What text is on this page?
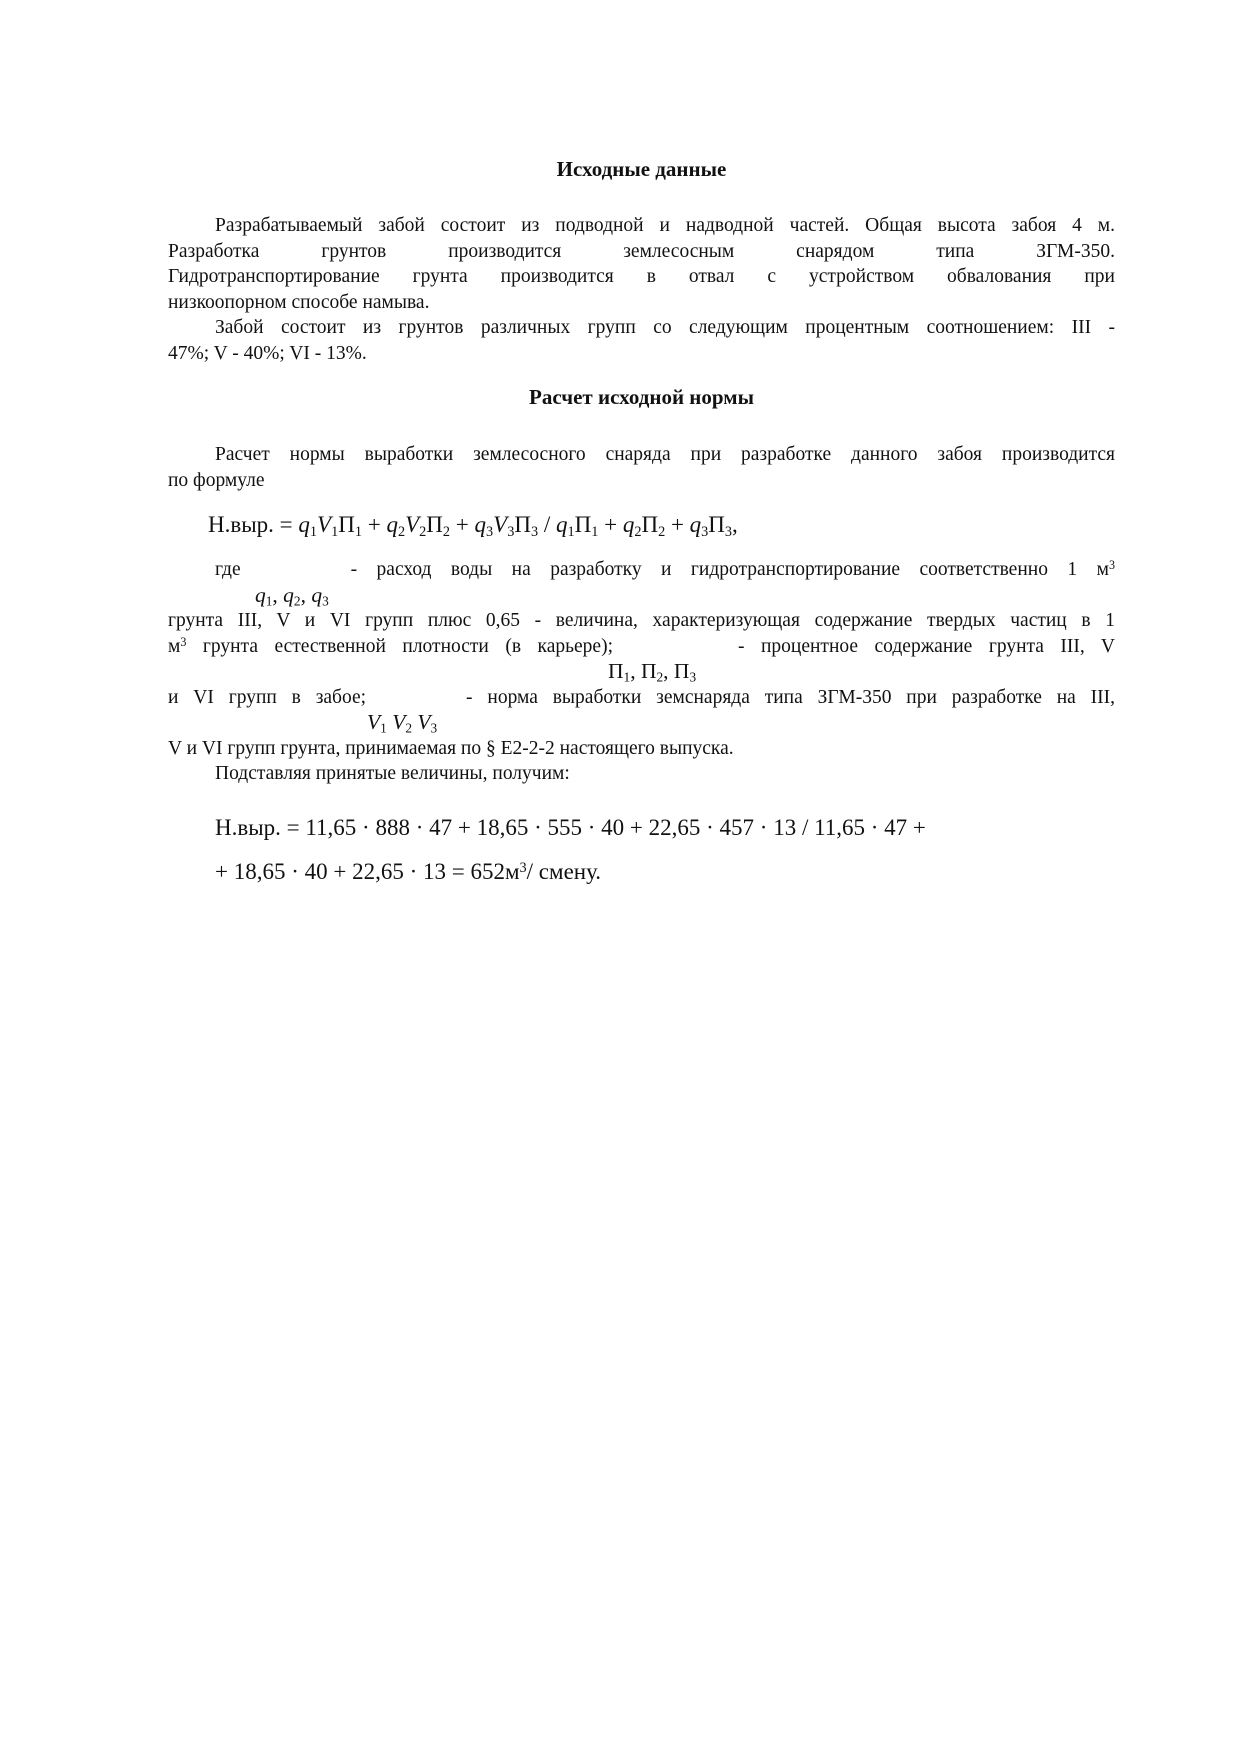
Исходные данные
Разрабатываемый забой состоит из подводной и надводной частей. Общая высота забоя 4 м.
Разработка грунтов производится землесосным снарядом типа ЗГМ-350.
Гидротранспортирование грунта производится в отвал с устройством обвалования при
низкоопорном способе намыва.
Забой состоит из грунтов различных групп со следующим процентным соотношением: III -
47%; V - 40%; VI - 13%.
Расчет исходной нормы
Расчет нормы выработки землесосного снаряда при разработке данного забоя производится
по формуле
Н.выр. = q1V1П1 + q2V2П2 + q3V3П3 / q1П1 + q2П2 + q3П3,
где	- расход воды на разработку и гидротранспортирование соответственно 1 $м^3$
q1, q2, q3
грунта III, V и VI групп плюс 0,65 - величина, характеризующая содержание твердых частиц в 1
$м^3$ грунта естественной плотности (в карьере);	- процентное содержание грунта III, V
П1, П2, П3
и VI групп в забое;	- норма выработки земснаряда типа ЗГМ-350 при разработке на III,
V1 V2 V3
V и VI групп грунта, принимаемая по § Е2-2-2 настоящего выпуска.
Подставляя принятые величины, получим:
Н.выр. = 11,65 · 888 · 47 + 18,65 · 555 · 40 + 22,65 · 457 · 13 / 11,65 · 47 +
+ $18,65 \cdot 40 + 22,65 \cdot 13 = 652м^3/$ смену.
